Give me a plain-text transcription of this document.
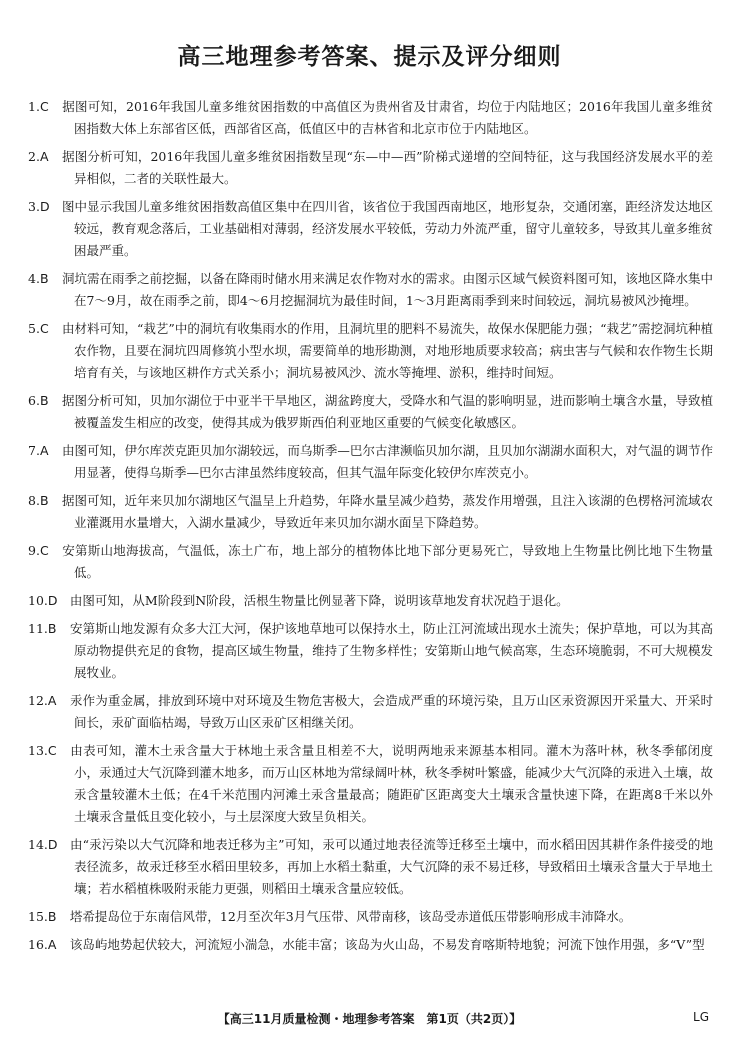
高三地理参考答案、提示及评分细则
1.C 据图可知，2016年我国儿童多维贫困指数的中高值区为贵州省及甘肃省，均位于内陆地区；2016年我国儿童多维贫困指数大体上东部省区低，西部省区高，低值区中的吉林省和北京市位于内陆地区。
2.A 据图分析可知，2016年我国儿童多维贫困指数呈现“东—中—西”阶梯式递增的空间特征，这与我国经济发展水平的差异相似，二者的关联性最大。
3.D 图中显示我国儿童多维贫困指数高值区集中在四川省，该省位于我国西南地区，地形复杂，交通闭塞，距经济发达地区较远，教育观念落后，工业基础相对薄弱，经济发展水平较低，劳动力外流严重，留守儿童较多，导致其儿童多维贫困最严重。
4.B 洞坑需在雨季之前挖掘，以备在降雨时储水用来满足农作物对水的需求。由图示区域气候资料图可知，该地区降水集中在7～9月，故在雨季之前，即4～6月挖掘洞坑为最佳时间，1～3月距离雨季到来时间较远，洞坑易被风沙掩埋。
5.C 由材料可知，“栽艺”中的洞坑有收集雨水的作用，且洞坑里的肥料不易流失，故保水保肥能力强；“栽艺”需挖洞坑种植农作物，且要在洞坑四周修筑小型水坝，需要简单的地形勘测，对地形地质要求较高；病虫害与气候和农作物生长期培育有关，与该地区耕作方式关系小；洞坑易被风沙、流水等掩埋、淤积，维持时间短。
6.B 据图分析可知，贝加尔湖位于中亚半干旱地区，湖盆跨度大，受降水和气温的影响明显，进而影响土壤含水量，导致植被覆盖发生相应的改变，使得其成为俄罗斯西伯利亚地区重要的气候变化敏感区。
7.A 由图可知，伊尔库茨克距贝加尔湖较远，而乌斯季—巴尔古津濒临贝加尔湖，且贝加尔湖湖水面积大，对气温的调节作用显著，使得乌斯季—巴尔古津虽然纬度较高，但其气温年际变化较伊尔库茨克小。
8.B 据图可知，近年来贝加尔湖地区气温呈上升趋势，年降水量呈减少趋势，蒸发作用增强，且注入该湖的色楞格河流域农业灌溉用水量增大，入湖水量减少，导致近年来贝加尔湖水面呈下降趋势。
9.C 安第斯山地海拔高，气温低，冻土广布，地上部分的植物体比地下部分更易死亡，导致地上生物量比例比地下生物量低。
10.D 由图可知，从M阶段到N阶段，活根生物量比例显著下降，说明该草地发育状况趋于退化。
11.B 安第斯山地发源有众多大江大河，保护该地草地可以保持水土，防止江河流域出现水土流失；保护草地，可以为其高原动物提供充足的食物，提高区域生物量，维持了生物多样性；安第斯山地气候高寒，生态环境脆弱，不可大规模发展牧业。
12.A 汞作为重金属，排放到环境中对环境及生物危害极大，会造成严重的环境污染，且万山区汞资源因开采量大、开采时间长，汞矿面临枯竭，导致万山区汞矿区相继关闭。
13.C 由表可知，灌木土汞含量大于林地土汞含量且相差不大，说明两地汞来源基本相同。灌木为落叶林，秋冬季郁闭度小，汞通过大气沉降到灌木地多，而万山区林地为常绿阔叶林，秋冬季树叶繁盛，能减少大气沉降的汞进入土壤，故汞含量较灌木土低；在4千米范围内河滩土汞含量最高；随距矿区距离变大土壤汞含量快速下降，在距离8千米以外土壤汞含量低且变化较小，与土层深度大致呈负相关。
14.D 由“汞污染以大气沉降和地表迁移为主”可知，汞可以通过地表径流等迁移至土壤中，而水稻田因其耕作条件接受的地表径流多，故汞迁移至水稻田里较多，再加上水稻土黏重，大气沉降的汞不易迁移，导致稻田土壤汞含量大于旱地土壤；若水稻植株吸附汞能力更强，则稻田土壤汞含量应较低。
15.B 塔希提岛位于东南信风带，12月至次年3月气压带、风带南移，该岛受赤道低压带影响形成丰沛降水。
16.A 该岛屿地势起伏较大，河流短小湍急，水能丰富；该岛为火山岛，不易发育喀斯特地貌；河流下蚀作用强，多“V”型
【高三11月质量检测・地理参考答案　第1页（共2页）】	LG
